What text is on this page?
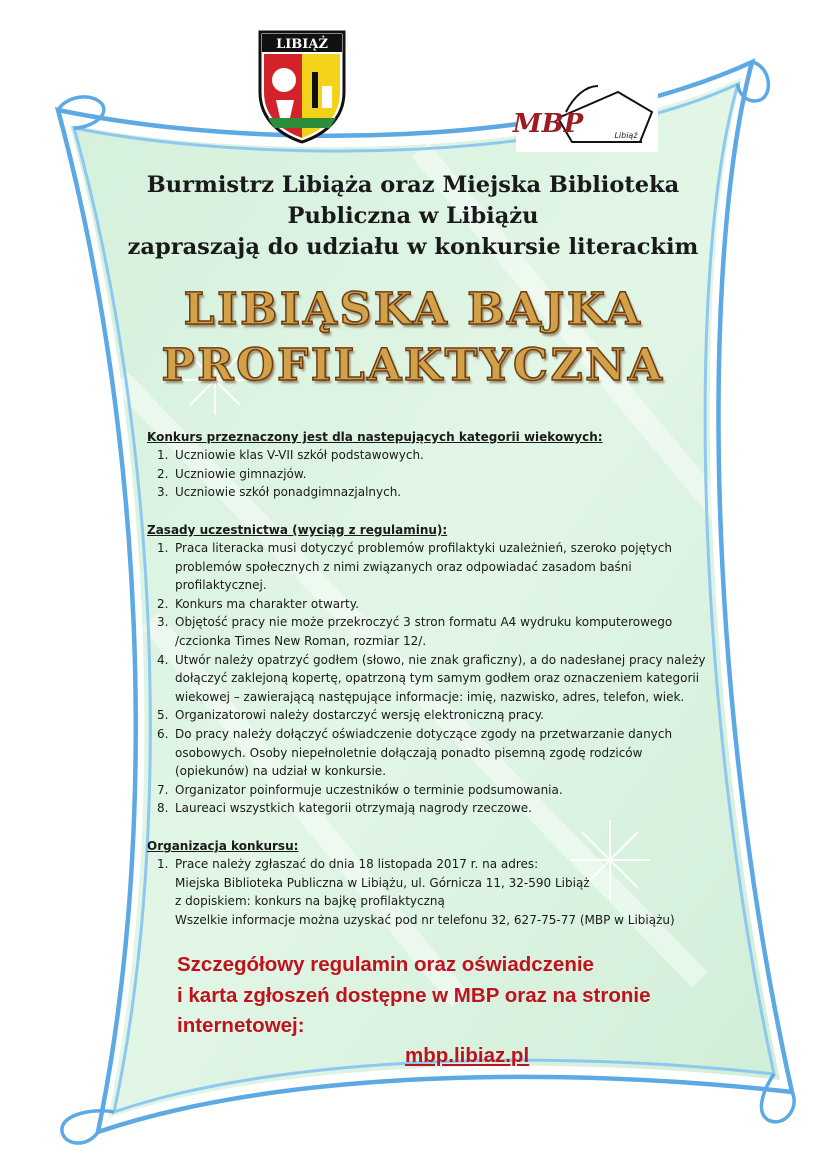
LIBIĄŻ
MBP	Libiąż
Burmistrz Libiąża oraz Miejska Biblioteka
Publiczna w Libiążu
zapraszają do udziału w konkursie literackim
LIBIĄSKA BAJKA
PROFILAKTYCZNA
Konkurs przeznaczony jest dla nastepujących kategorii wiekowych:
1. Uczniowie klas V-VII szkół podstawowych.
2. Uczniowie gimnazjów.
3. Uczniowie szkół ponadgimnazjalnych.
Zasady uczestnictwa (wyciąg z regulaminu):
1. Praca literacka musi dotyczyć problemów profilaktyki uzależnień, szeroko pojętych
problemów społecznych z nimi związanych oraz odpowiadać zasadom baśni
profilaktycznej.
2. Konkurs ma charakter otwarty.
3. Objętość pracy nie może przekroczyć 3 stron formatu A4 wydruku komputerowego
/czcionka Times New Roman, rozmiar 12/.
4. Utwór należy opatrzyć godłem (słowo, nie znak graficzny), a do nadesłanej pracy należy
dołączyć zaklejoną kopertę, opatrzoną tym samym godłem oraz oznaczeniem kategorii
wiekowej – zawierającą następujące informacje: imię, nazwisko, adres, telefon, wiek.
5. Organizatorowi należy dostarczyć wersję elektroniczną pracy.
6. Do pracy należy dołączyć oświadczenie dotyczące zgody na przetwarzanie danych
osobowych. Osoby niepełnoletnie dołączają ponadto pisemną zgodę rodziców
(opiekunów) na udział w konkursie.
7. Organizator poinformuje uczestników o terminie podsumowania.
8. Laureaci wszystkich kategorii otrzymają nagrody rzeczowe.
Organizacja konkursu:
1. Prace należy zgłaszać do dnia 18 listopada 2017 r. na adres:
Miejska Biblioteka Publiczna w Libiążu, ul. Górnicza 11, 32-590 Libiąż
z dopiskiem: konkurs na bajkę profilaktyczną
Wszelkie informacje można uzyskać pod nr telefonu 32, 627-75-77 (MBP w Libiążu)
Szczegółowy regulamin oraz oświadczenie
i karta zgłoszeń dostępne w MBP oraz na stronie
internetowej:
mbp.libiaz.pl
